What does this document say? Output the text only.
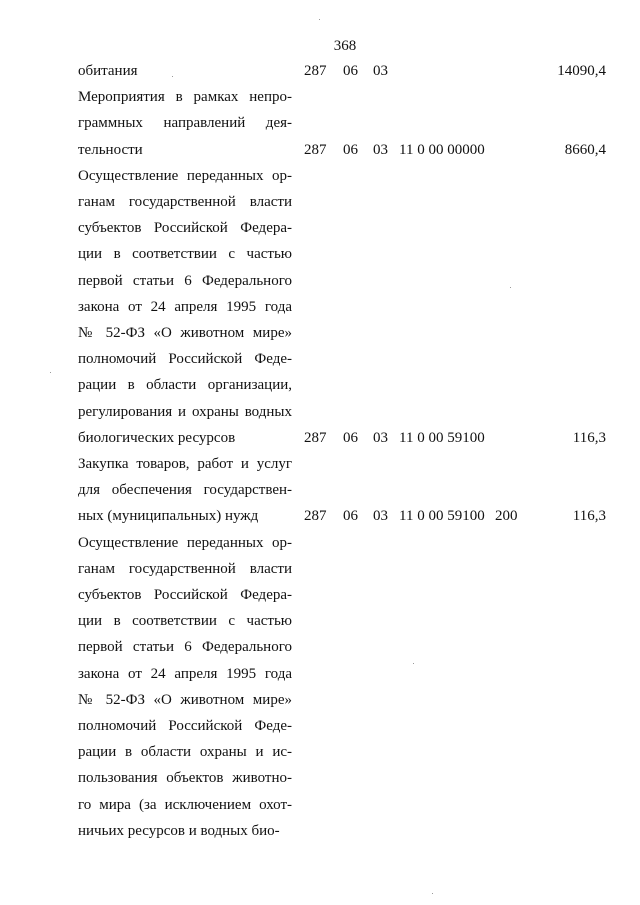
368
обитания	287 06 03	14090,4
Мероприятия в рамках непро-
граммных направлений дея-
тельности	287 06 03 11 0 00 00000	8660,4
Осуществление переданных ор-
ганам государственной власти
субъектов Российской Федера-
ции в соответствии с частью
первой статьи 6 Федерального
закона от 24 апреля 1995 года
№ 52-ФЗ «О животном мире»
полномочий Российской Феде-
рации в области организации,
регулирования и охраны водных
биологических ресурсов	287 06 03 11 0 00 59100	116,3
Закупка товаров, работ и услуг
для обеспечения государствен-
ных (муниципальных) нужд	287 06 03 11 0 00 59100 200	116,3
Осуществление переданных ор-
ганам государственной власти
субъектов Российской Федера-
ции в соответствии с частью
первой статьи 6 Федерального
закона от 24 апреля 1995 года
№ 52-ФЗ «О животном мире»
полномочий Российской Феде-
рации в области охраны и ис-
пользования объектов животно-
го мира (за исключением охот-
ничьих ресурсов и водных био-
